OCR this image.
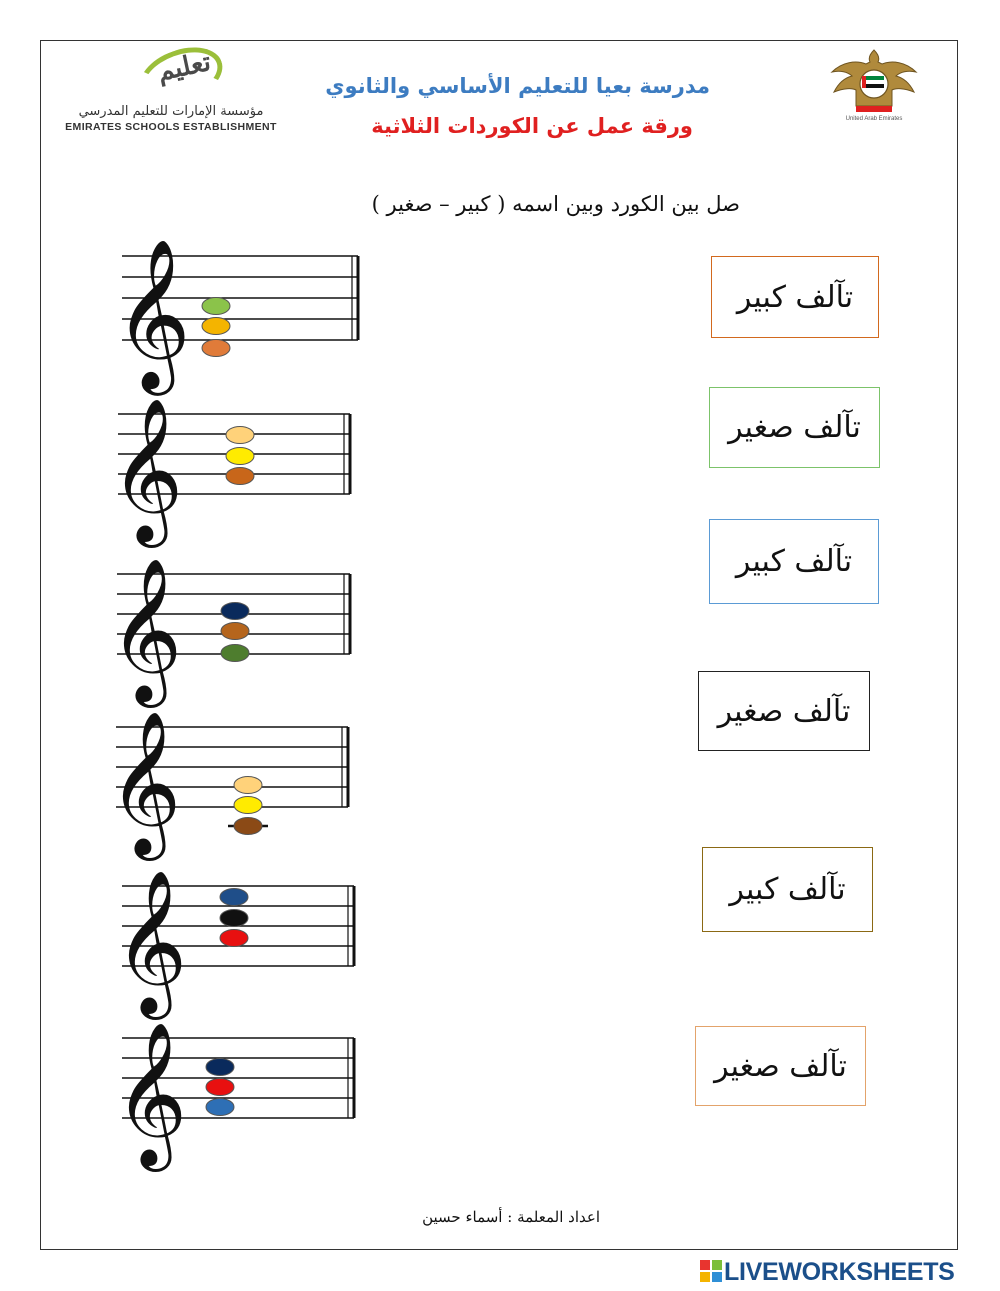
تعليم
مؤسسة الإمارات للتعليم المدرسي
EMIRATES SCHOOLS ESTABLISHMENT
United Arab Emirates
مدرسة بعيا للتعليم الأساسي والثانوي
ورقة عمل عن الكوردات الثلاثية
صل بين الكورد وبين اسمه ( كبير – صغير )
𝄞
𝄞
𝄞
𝄞
𝄞
𝄞
تآلف كبير
تآلف صغير
تآلف كبير
تآلف صغير
تآلف كبير
تآلف صغير
اعداد المعلمة : أسماء حسين
LIVEWORKSHEETS
